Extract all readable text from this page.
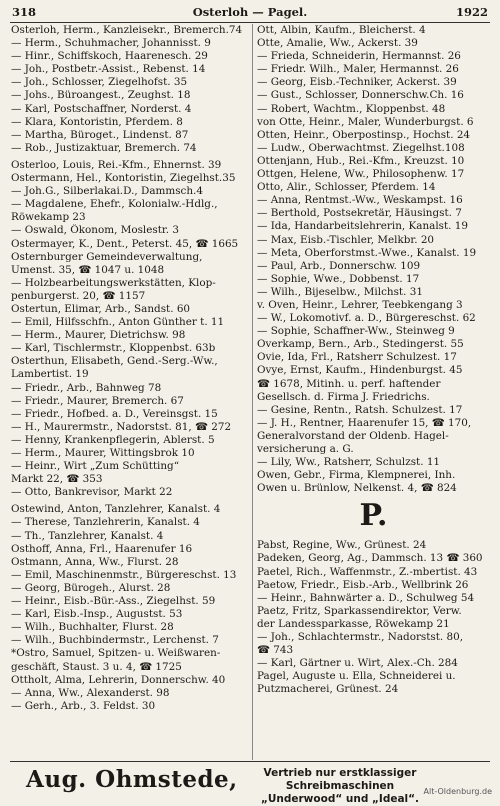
318	Osterloh — Pagel.	1922
Osterloh, Herm., Kanzleisekr., Bremerch.74
— Herm., Schuhmacher, Johannisst. 9
— Hinr., Schiffskoch, Haarenesch. 29
— Joh., Postbetr.-Assist., Rebenst. 14
— Joh., Schlosser, Ziegelhofst. 35
— Johs., Büroangest., Zeughst. 18
— Karl, Postschaffner, Norderst. 4
— Klara, Kontoristin, Pferdem. 8
— Martha, Büroget., Lindenst. 87
— Rob., Justizaktuar, Bremerch. 74
Osterloo, Louis, Rei.-Kfm., Ehnernst. 39
Ostermann, Hel., Kontoristin, Ziegelhst.35
— Joh.G., Silberlakai.D., Dammsch.4
— Magdalene, Ehefr., Kolonialw.-Hdlg.,
Röwekamp 23
— Oswald, Ökonom, Moslestr. 3
Ostermayer, K., Dent., Peterst. 45, ☎ 1665
Osternburger Gemeindeverwaltung,
Umenst. 35, ☎ 1047 u. 1048
— Holzbearbeitungswerkstätten, Klop-
penburgerst. 20, ☎ 1157
Ostertun, Elimar, Arb., Sandst. 60
— Emil, Hilfsschfn., Anton Günther t. 11
— Herm., Maurer, Dietrichsw. 98
— Karl, Tischlermstr., Kloppenbst. 63b
Osterthun, Elisabeth, Gend.-Serg.-Ww.,
Lambertist. 19
— Friedr., Arb., Bahnweg 78
— Friedr., Maurer, Bremerch. 67
— Friedr., Hofbed. a. D., Vereinsgst. 15
— H., Maurermstr., Nadorstst. 81, ☎ 272
— Henny, Krankenpflegerin, Ablerst. 5
— Herm., Maurer, Wittingsbrok 10
— Heinr., Wirt „Zum Schütting“
Markt 22, ☎ 353
— Otto, Bankrevisor, Markt 22
Ostewind, Anton, Tanzlehrer, Kanalst. 4
— Therese, Tanzlehrerin, Kanalst. 4
— Th., Tanzlehrer, Kanalst. 4
Osthoff, Anna, Frl., Haarenufer 16
Ostmann, Anna, Ww., Flurst. 28
— Emil, Maschinenmstr., Bürgereschst. 13
— Georg, Bürogeh., Alurst. 28
— Heinr., Eisb.-Bür.-Ass., Ziegelhst. 59
— Karl, Eisb.-Insp., Augustst. 53
— Wilh., Buchhalter, Flurst. 28
— Wilh., Buchbindermstr., Lerchenst. 7
*Ostro, Samuel, Spitzen- u. Weißwaren-
geschäft, Staust. 3 u. 4, ☎ 1725
Ottholt, Alma, Lehrerin, Donnerschw. 40
— Anna, Ww., Alexanderst. 98
— Gerh., Arb., 3. Feldst. 30
Ott, Albin, Kaufm., Bleicherst. 4
Otte, Amalie, Ww., Ackerst. 39
— Frieda, Schneiderin, Hermannst. 26
— Friedr. Wilh., Maler, Hermannst. 26
— Georg, Eisb.-Techniker, Ackerst. 39
— Gust., Schlosser, Donnerschw.Ch. 16
— Robert, Wachtm., Kloppenbst. 48
von Otte, Heinr., Maler, Wunderburgst. 6
Otten, Heinr., Oberpostinsp., Hochst. 24
— Ludw., Oberwachtmst. Ziegelhst.108
Ottenjann, Hub., Rei.-Kfm., Kreuzst. 10
Ottgen, Helene, Ww., Philosophenw. 17
Otto, Alir., Schlosser, Pferdem. 14
— Anna, Rentmst.-Ww., Weskampst. 16
— Berthold, Postsekretär, Häusingst. 7
— Ida, Handarbeitslehrerin, Kanalst. 19
— Max, Eisb.-Tischler, Melkbr. 20
— Meta, Oberforstmst.-Wwe., Kanalst. 19
— Paul, Arb., Donnerschw. 109
— Sophie, Wwe., Dobbenst. 17
— Wilh., Bijeselbw., Milchst. 31
v. Oven, Heinr., Lehrer, Teebkengang 3
— W., Lokomotivf. a. D., Bürgereschst. 62
— Sophie, Schaffner-Ww., Steinweg 9
Overkamp, Bern., Arb., Stedingerst. 55
Ovie, Ida, Frl., Ratsherr Schulzest. 17
Ovye, Ernst, Kaufm., Hindenburgst. 45
☎ 1678, Mitinh. u. perf. haftender
Gesellsch. d. Firma J. Friedrichs.
— Gesine, Rentn., Ratsh. Schulzest. 17
— J. H., Rentner, Haarenufer 15, ☎ 170,
Generalvorstand der Oldenb. Hagel-
versicherung a. G.
— Lily, Ww., Ratsherr, Schulzst. 11
Owen, Gebr., Firma, Klempnerei, Inh.
Owen u. Brünlow, Nelkenst. 4, ☎ 824
P.
Pabst, Regine, Ww., Grünest. 24
Padeken, Georg, Ag., Dammsch. 13 ☎ 360
Paetel, Rich., Waffenmstr., Z.-mbertist. 43
Paetow, Friedr., Eisb.-Arb., Wellbrink 26
— Heinr., Bahnwärter a. D., Schulweg 54
Paetz, Fritz, Sparkassendirektor, Verw.
der Landessparkasse, Röwekamp 21
— Joh., Schlachtermstr., Nadorstst. 80,
☎ 743
— Karl, Gärtner u. Wirt, Alex.-Ch. 284
Pagel, Auguste u. Ella, Schneiderei u.
Putzmacherei, Grünest. 24
Aug. Ohmstede,	Vertrieb nur erstklassiger Schreibmaschinen
„Underwood“ und „Ideal“.
Alt-Oldenburg.de
